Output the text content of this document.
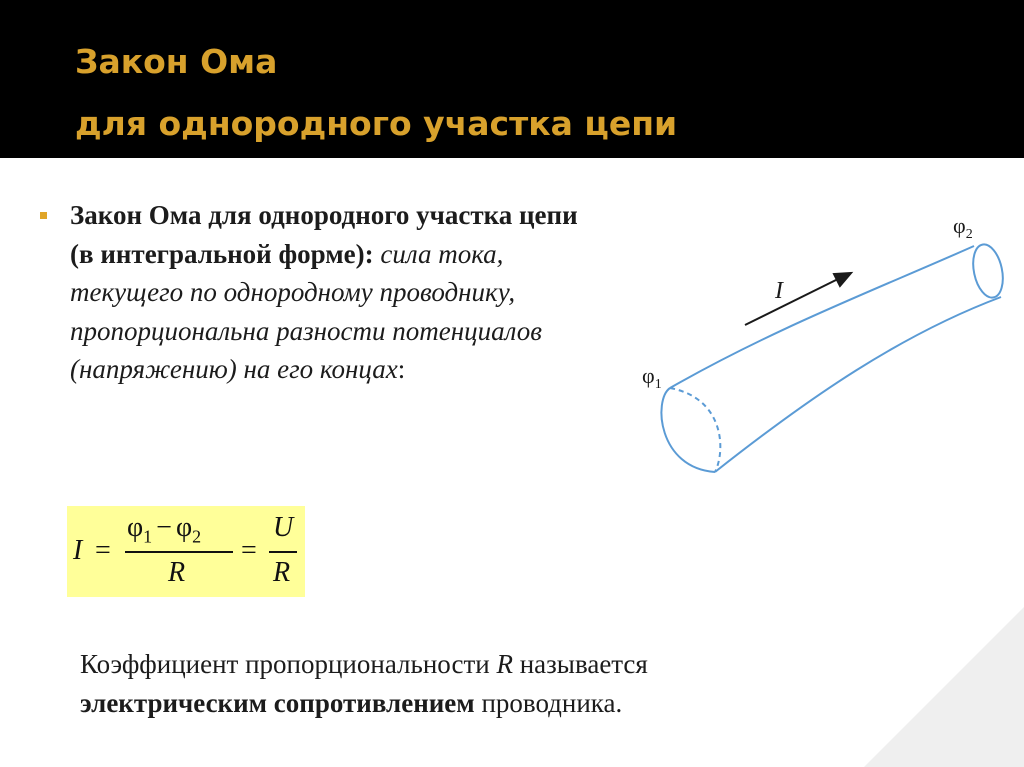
Закон Ома
для однородного участка цепи
Закон Ома для однородного участка цепи (в интегральной форме): сила тока, текущего по однородному проводнику, пропорциональна разности потенциалов (напряжению) на его концах:
I =
$\varphi_1 - \varphi_2$
R
=
U
R
I
$\varphi_1$
$\varphi_2$
Коэффициент пропорциональности R называется
электрическим сопротивлением проводника.
